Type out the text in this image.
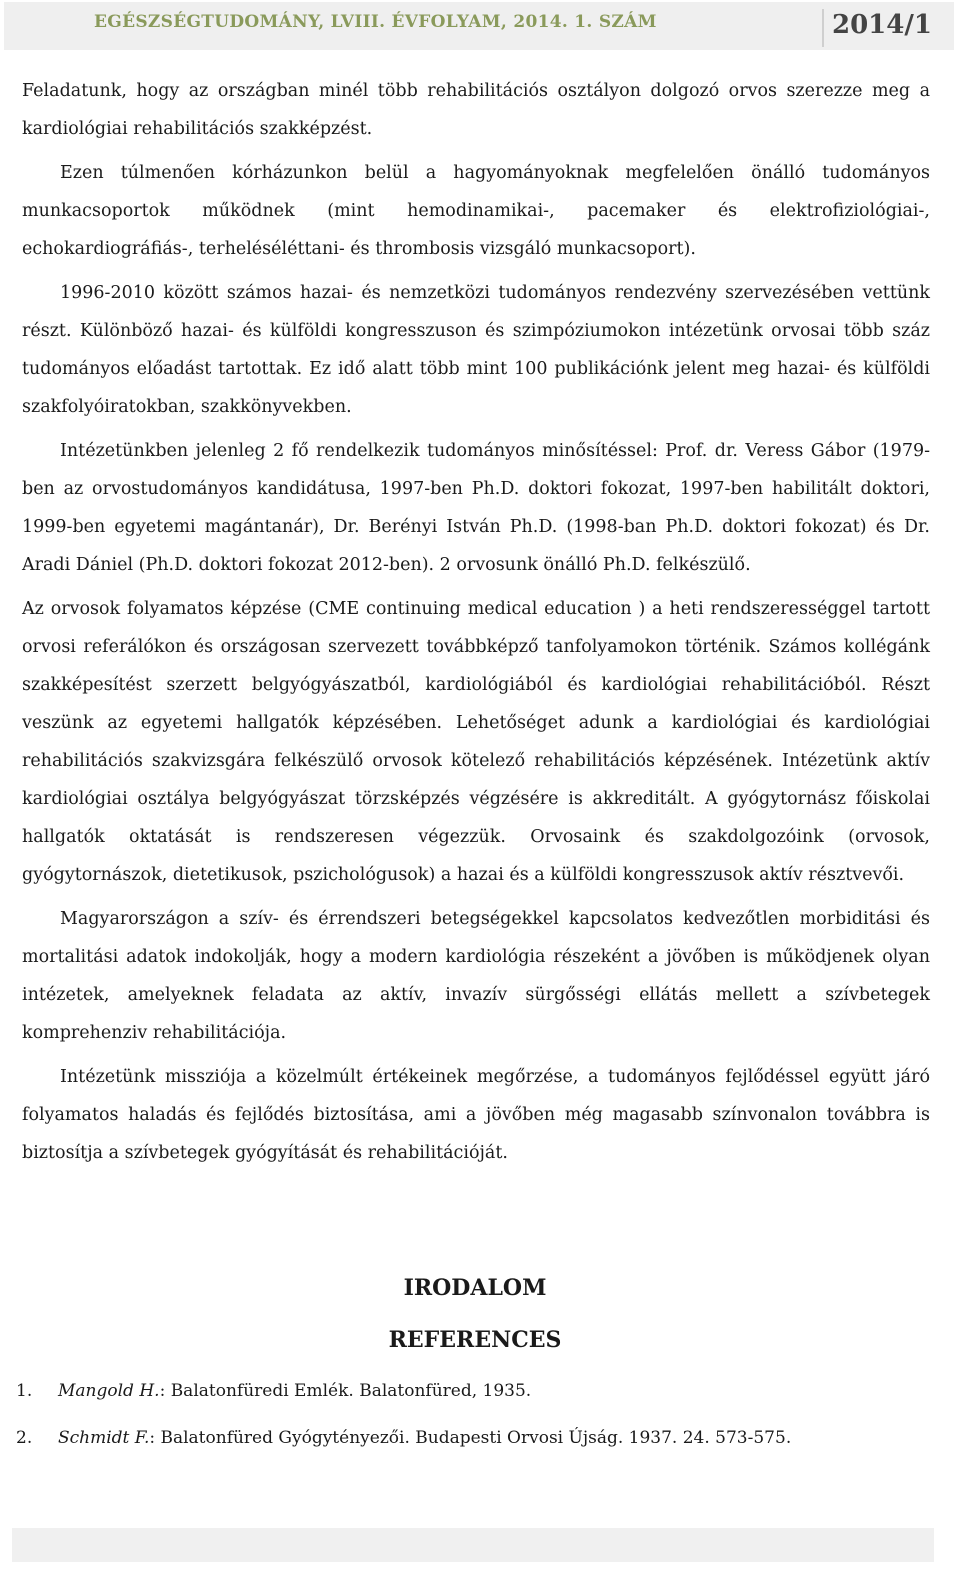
EGÉSZSÉGTUDOMÁNY, LVIII. ÉVFOLYAM, 2014. 1. SZÁM	2014/1

Feladatunk, hogy az országban minél több rehabilitációs osztályon dolgozó orvos szerezze meg a kardiológiai rehabilitációs szakképzést.

Ezen túlmenően kórházunkon belül a hagyományoknak megfelelően önálló tudományos munkacsoportok működnek (mint hemodinamikai-, pacemaker és elektrofiziológiai-, echokardiográfiás-, terheléséléttani- és thrombosis vizsgáló munkacsoport).

1996-2010 között számos hazai- és nemzetközi tudományos rendezvény szervezésében vettünk részt. Különböző hazai- és külföldi kongresszuson és szimpóziumokon intézetünk orvosai több száz tudományos előadást tartottak. Ez idő alatt több mint 100 publikációnk jelent meg hazai- és külföldi szakfolyóiratokban, szakkönyvekben.

Intézetünkben jelenleg 2 fő rendelkezik tudományos minősítéssel: Prof. dr. Veress Gábor (1979-ben az orvostudományos kandidátusa, 1997-ben Ph.D. doktori fokozat, 1997-ben habilitált doktori, 1999-ben egyetemi magántanár), Dr. Berényi István Ph.D. (1998-ban Ph.D. doktori fokozat) és Dr. Aradi Dániel (Ph.D. doktori fokozat 2012-ben). 2 orvosunk önálló Ph.D. felkészülő.

Az orvosok folyamatos képzése (CME continuing medical education ) a heti rendszerességgel tartott orvosi referálókon és országosan szervezett továbbképző tanfolyamokon történik. Számos kollégánk szakképesítést szerzett belgyógyászatból, kardiológiából és kardiológiai rehabilitációból. Részt veszünk az egyetemi hallgatók képzésében. Lehetőséget adunk a kardiológiai és kardiológiai rehabilitációs szakvizsgára felkészülő orvosok kötelező rehabilitációs képzésének. Intézetünk aktív kardiológiai osztálya belgyógyászat törzsképzés végzésére is akkreditált. A gyógytornász főiskolai hallgatók oktatását is rendszeresen végezzük. Orvosaink és szakdolgozóink (orvosok, gyógytornászok, dietetikusok, pszichológusok) a hazai és a külföldi kongresszusok aktív résztvevői.

Magyarországon a szív- és érrendszeri betegségekkel kapcsolatos kedvezőtlen morbiditási és mortalitási adatok indokolják, hogy a modern kardiológia részeként a jövőben is működjenek olyan intézetek, amelyeknek feladata az aktív, invazív sürgősségi ellátás mellett a szívbetegek komprehenziv rehabilitációja.

Intézetünk missziója a közelmúlt értékeinek megőrzése, a tudományos fejlődéssel együtt járó folyamatos haladás és fejlődés biztosítása, ami a jövőben még magasabb színvonalon továbbra is biztosítja a szívbetegek gyógyítását és rehabilitációját.

IRODALOM
REFERENCES
1.	Mangold H. : Balatonfüredi Emlék. Balatonfüred, 1935.
2.	Schmidt F. : Balatonfüred Gyógytényezői. Budapesti Orvosi Újság. 1937. 24. 573-575.
